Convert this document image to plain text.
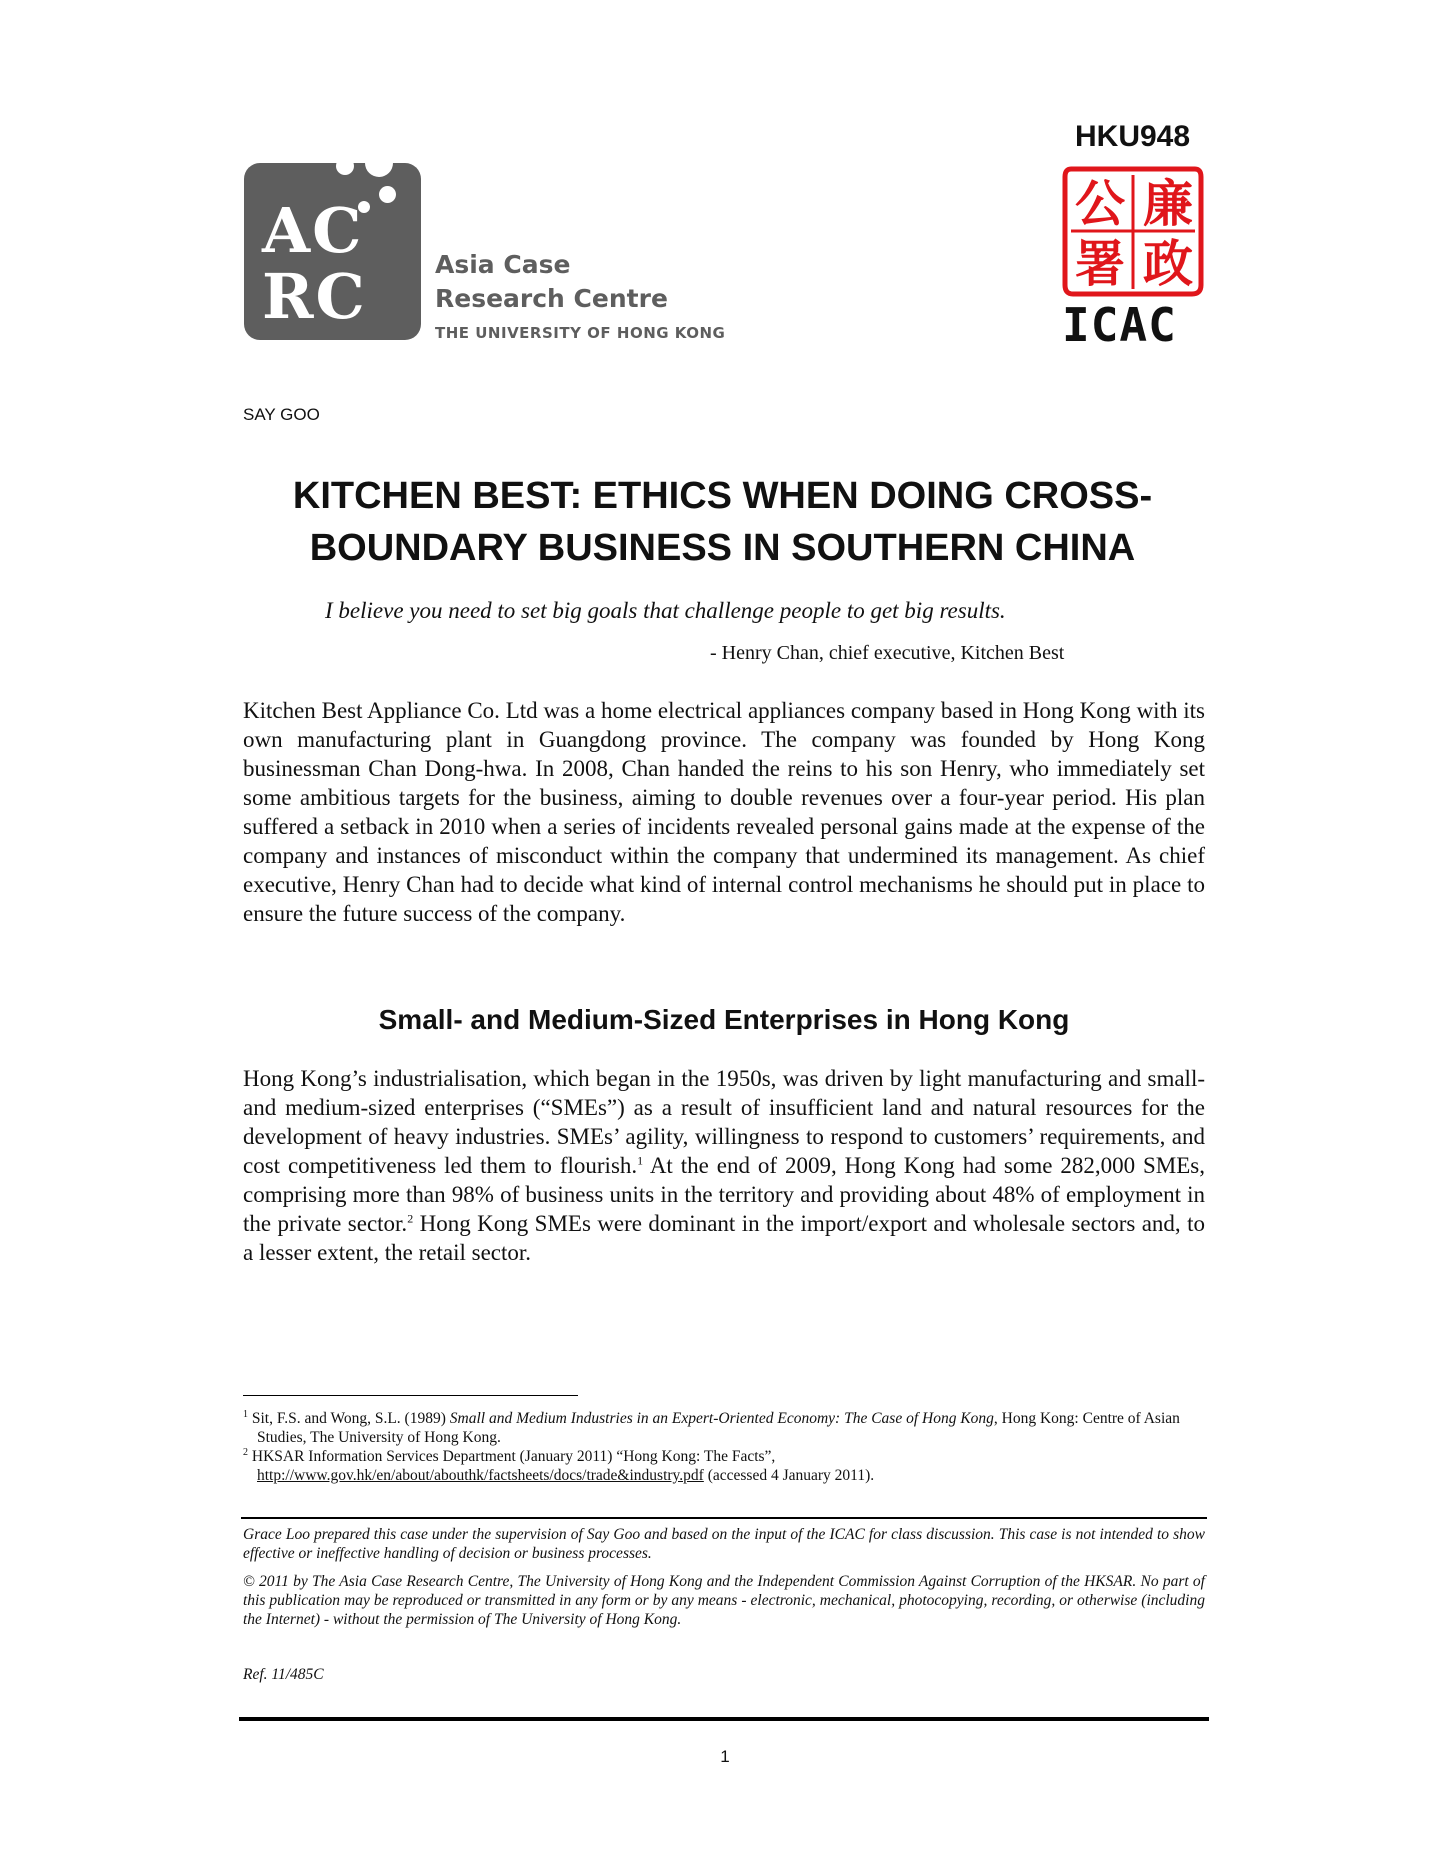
AC
RC	Asia Case
Research Centre
THE UNIVERSITY OF HONG KONG
HKU948
廉
公
政
署
ICAC
SAY GOO
KITCHEN BEST: ETHICS WHEN DOING CROSS-BOUNDARY BUSINESS IN SOUTHERN CHINA
I believe you need to set big goals that challenge people to get big results.
- Henry Chan, chief executive, Kitchen Best

Kitchen Best Appliance Co. Ltd was a home electrical appliances company based in Hong Kong with its own manufacturing plant in Guangdong province. The company was founded by Hong Kong businessman Chan Dong-hwa. In 2008, Chan handed the reins to his son Henry, who immediately set some ambitious targets for the business, aiming to double revenues over a four-year period. His plan suffered a setback in 2010 when a series of incidents revealed personal gains made at the expense of the company and instances of misconduct within the company that undermined its management. As chief executive, Henry Chan had to decide what kind of internal control mechanisms he should put in place to ensure the future success of the company.

Small- and Medium-Sized Enterprises in Hong Kong

Hong Kong’s industrialisation, which began in the 1950s, was driven by light manufacturing and small- and medium-sized enterprises (“SMEs”) as a result of insufficient land and natural resources for the development of heavy industries. SMEs’ agility, willingness to respond to customers’ requirements, and cost competitiveness led them to flourish.$^1$ At the end of 2009, Hong Kong had some 282,000 SMEs, comprising more than 98% of business units in the territory and providing about 48% of employment in the private sector.$^2$ Hong Kong SMEs were dominant in the import/export and wholesale sectors and, to a lesser extent, the retail sector.

$^1$ Sit, F.S. and Wong, S.L. (1989) Small and Medium Industries in an Expert-Oriented Economy: The Case of Hong Kong, Hong Kong: Centre of Asian Studies, The University of Hong Kong.
$^2$ HKSAR Information Services Department (January 2011) “Hong Kong: The Facts”,
http://www.gov.hk/en/about/abouthk/factsheets/docs/trade&industry.pdf (accessed 4 January 2011).
Grace Loo prepared this case under the supervision of Say Goo and based on the input of the ICAC for class discussion. This case is not intended to show effective or ineffective handling of decision or business processes.
© 2011 by The Asia Case Research Centre, The University of Hong Kong and the Independent Commission Against Corruption of the HKSAR. No part of this publication may be reproduced or transmitted in any form or by any means - electronic, mechanical, photocopying, recording, or otherwise (including the Internet) - without the permission of The University of Hong Kong.
Ref. 11/485C
1
